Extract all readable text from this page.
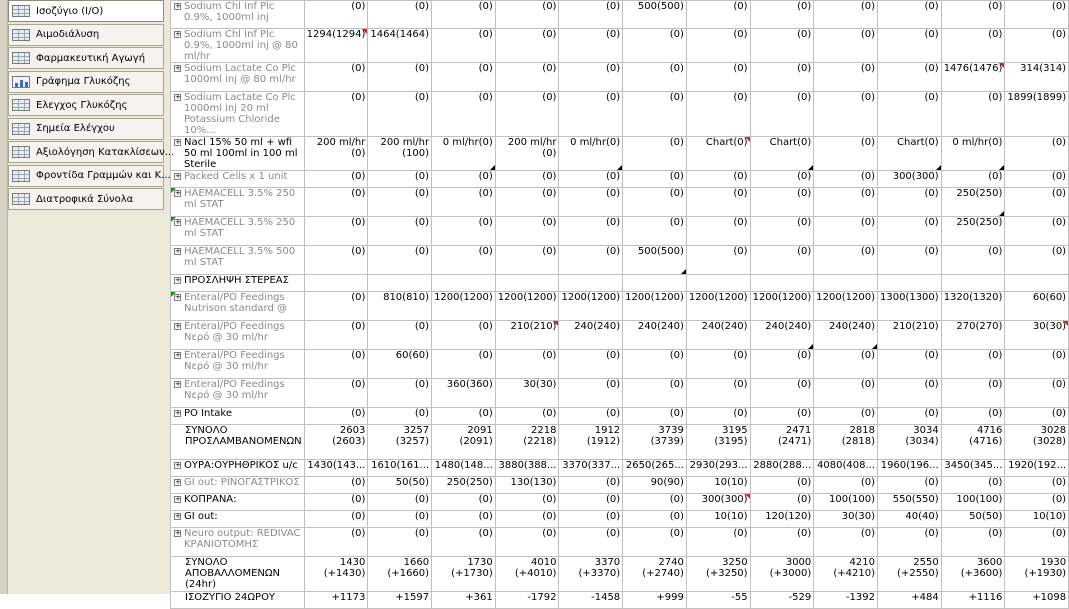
Ισοζύγιο (I/O)
Αιμοδιάλυση
Φαρμακευτική Αγωγή
Γράφημα Γλυκόζης
Ελεγχος Γλυκόζης
Σημεία Ελέγχου
Αξιολόγηση Κατακλίσεων...
Φροντίδα Γραμμών και Κ...
Διατροφικά Σύνολα
+ Sodium Chl Inf Plc 0.9%, 1000ml inj	(0)	(0)	(0)	(0)	(0)	500(500)	(0)	(0)	(0)	(0)	(0)	(0)

+ Sodium Chl Inf Plc 0.9%, 1000ml inj @ 80 ml/hr	1294(1294)	1464(1464)	(0)	(0)	(0)	(0)	(0)	(0)	(0)	(0)	(0)	(0)

+ Sodium Lactate Co Plc 1000ml inj @ 80 ml/hr	(0)	(0)	(0)	(0)	(0)	(0)	(0)	(0)	(0)	(0)	1476(1476)	314(314)

+ Sodium Lactate Co Plc 1000ml inj 20 ml Potassium Chloride 10%...	(0)	(0)	(0)	(0)	(0)	(0)	(0)	(0)	(0)	(0)	(0)	1899(1899)

+ Nacl 15% 50 ml + wfi 50 ml 100ml in 100 ml Sterile	200 ml/hr (0)	200 ml/hr (100)	0 ml/hr(0)	200 ml/hr (0)	0 ml/hr(0)	(0)	Chart(0)	Chart(0)	(0)	Chart(0)	0 ml/hr(0)	(0)

+ Packed Cells x 1 unit	(0)	(0)	(0)	(0)	(0)	(0)	(0)	(0)	(0)	300(300)	(0)	(0)

+ HAEMACELL 3.5% 250 ml STAT	(0)	(0)	(0)	(0)	(0)	(0)	(0)	(0)	(0)	(0)	250(250)	(0)

+ HAEMACELL 3.5% 250 ml STAT	(0)	(0)	(0)	(0)	(0)	(0)	(0)	(0)	(0)	(0)	250(250)	(0)

+ HAEMACELL 3.5% 500 ml STAT	(0)	(0)	(0)	(0)	(0)	500(500)	(0)	(0)	(0)	(0)	(0)	(0)

+ ΠΡΟΣΛΗΨΗ ΣΤΕΡΕΑΣ												

+ Enteral/PO Feedings Nutrison standard @	(0)	810(810)	1200(1200)	1200(1200)	1200(1200)	1200(1200)	1200(1200)	1200(1200)	1200(1200)	1300(1300)	1320(1320)	60(60)

+ Enteral/PO Feedings Νερό @ 30 ml/hr	(0)	(0)	(0)	210(210)	240(240)	240(240)	240(240)	240(240)	240(240)	210(210)	270(270)	30(30)

+ Enteral/PO Feedings Νερό @ 30 ml/hr	(0)	60(60)	(0)	(0)	(0)	(0)	(0)	(0)	(0)	(0)	(0)	(0)

+ Enteral/PO Feedings Νερό @ 30 ml/hr	(0)	(0)	360(360)	30(30)	(0)	(0)	(0)	(0)	(0)	(0)	(0)	(0)

+ PO Intake	(0)	(0)	(0)	(0)	(0)	(0)	(0)	(0)	(0)	(0)	(0)	(0)

ΣΥΝΟΛΟ ΠΡΟΣΛΑΜΒΑΝΟΜΕΝΩΝ	2603 (2603)	3257 (3257)	2091 (2091)	2218 (2218)	1912 (1912)	3739 (3739)	3195 (3195)	2471 (2471)	2818 (2818)	3034 (3034)	4716 (4716)	3028 (3028)

+ ΟΥΡΑ:ΟΥΡΗΘΡΙΚΟΣ u/c	1430(143...	1610(161...	1480(148...	3880(388...	3370(337...	2650(265...	2930(293...	2880(288...	4080(408...	1960(196...	3450(345...	1920(192...

+ GI out: ΡΙΝΟΓΑΣΤΡΙΚΟΣ	(0)	50(50)	250(250)	130(130)	(0)	90(90)	10(10)	(0)	(0)	(0)	(0)	(0)

+ ΚΟΠΡΑΝΑ:	(0)	(0)	(0)	(0)	(0)	(0)	300(300)	(0)	100(100)	550(550)	100(100)	(0)

+ GI out:	(0)	(0)	(0)	(0)	(0)	(0)	10(10)	120(120)	30(30)	40(40)	50(50)	10(10)

+ Neuro output: REDIVAC ΚΡΑΝΙΟΤΟΜΗΣ	(0)	(0)	(0)	(0)	(0)	(0)	(0)	(0)	(0)	(0)	(0)	(0)

ΣΥΝΟΛΟ ΑΠΟΒΑΛΛΟΜΕΝΩΝ (24hr)	1430 (+1430)	1660 (+1660)	1730 (+1730)	4010 (+4010)	3370 (+3370)	2740 (+2740)	3250 (+3250)	3000 (+3000)	4210 (+4210)	2550 (+2550)	3600 (+3600)	1930 (+1930)

ΙΣΟΖΥΓΙΟ 24ΩΡΟΥ	+1173	+1597	+361	-1792	-1458	+999	-55	-529	-1392	+484	+1116	+1098
